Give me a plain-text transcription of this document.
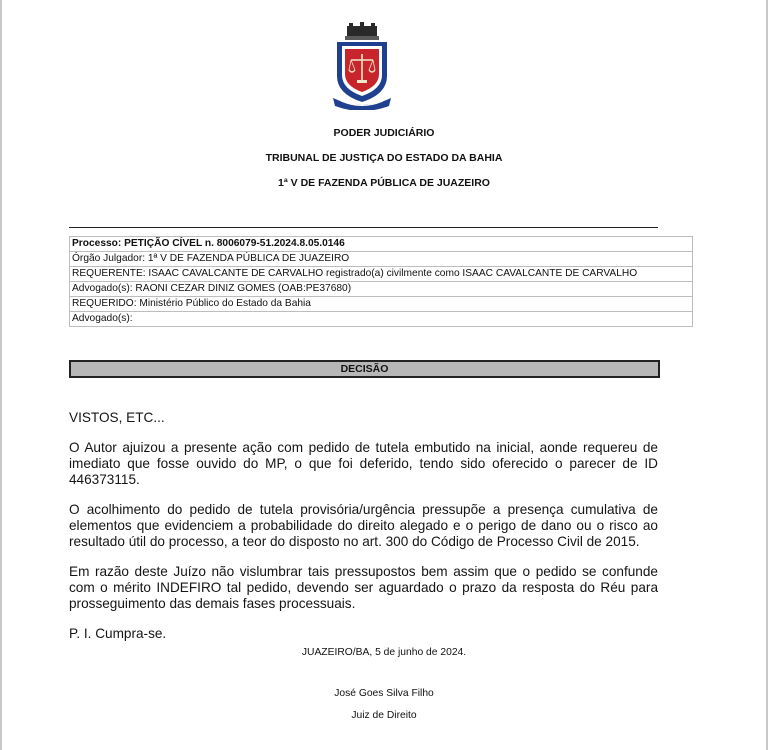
PODER JUDICIÁRIO
TRIBUNAL DE JUSTIÇA DO ESTADO DA BAHIA
1ª V DE FAZENDA PÚBLICA DE JUAZEIRO
Processo: PETIÇÃO CÍVEL n. 8006079-51.2024.8.05.0146
Órgão Julgador: 1ª V DE FAZENDA PÚBLICA DE JUAZEIRO
REQUERENTE: ISAAC CAVALCANTE DE CARVALHO registrado(a) civilmente como ISAAC CAVALCANTE DE CARVALHO
Advogado(s): RAONI CEZAR DINIZ GOMES (OAB:PE37680)
REQUERIDO: Ministério Público do Estado da Bahia
Advogado(s):
DECISÃO
VISTOS, ETC...
O Autor ajuizou a presente ação com pedido de tutela embutido na inicial, aonde requereu de imediato que fosse ouvido do MP, o que foi deferido, tendo sido oferecido o parecer de ID 446373115.
O acolhimento do pedido de tutela provisória/urgência pressupõe a presença cumulativa de elementos que evidenciem a probabilidade do direito alegado e o perigo de dano ou o risco ao resultado útil do processo, a teor do disposto no art. 300 do Código de Processo Civil de 2015.
Em razão deste Juízo não vislumbrar tais pressupostos bem assim que o pedido se confunde com o mérito INDEFIRO tal pedido, devendo ser aguardado o prazo da resposta do Réu para prosseguimento das demais fases processuais.
P. I. Cumpra-se.
JUAZEIRO/BA, 5 de junho de 2024.
José Goes Silva Filho
Juiz de Direito
